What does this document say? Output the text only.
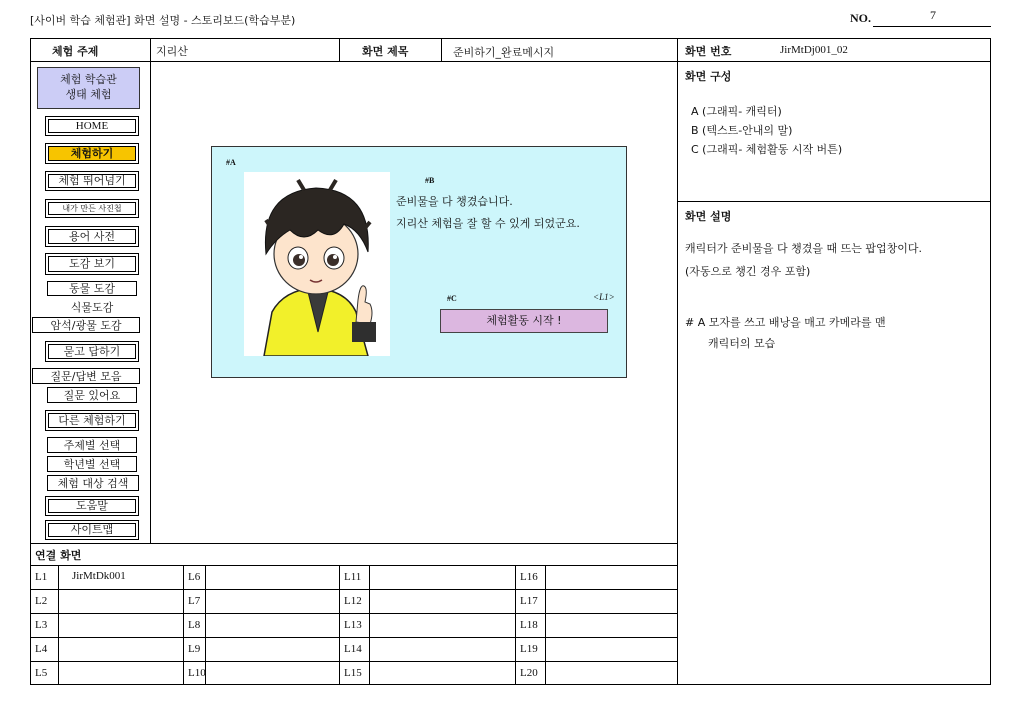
[사이버 학습 체험관] 화면 설명 - 스토리보드(학습부분)	NO.	7
체험 주제	지리산	화면 제목	준비하기_완료메시지	화면 번호	JirMtDj001_02
체험 학습관
생태 체험
HOME
체험하기
체험 뛰어넘기
내가 만든 사진첩
용어 사전
도감 보기
동물 도감
식물도감
암석/광물 도감
묻고 답하기
질문/답변 모음
질문 있어요
다른 체험하기
주제별 선택
학년별 선택
체험 대상 검색
도움말
사이트맵
#A
#B
준비물을 다 챙겼습니다.
지리산 체험을 잘 할 수 있게 되었군요.
#C	<L1>
체험활동 시작 !
화면 구성
A (그래픽- 캐릭터)
B (텍스트-안내의 말)
C (그래픽- 체험활동 시작 버튼)
화면 설명
캐릭터가 준비물을 다 챙겼을 때 뜨는 팝업창이다.
(자동으로 챙긴 경우 포함)
# A 모자를 쓰고 배낭을 매고 카메라를 맨
캐릭터의 모습
연결 화면
L1 JirMtDk001	L6	L11	L16
L2	L7	L12	L17
L3	L8	L13	L18
L4	L9	L14	L19
L5	L10	L15	L20
